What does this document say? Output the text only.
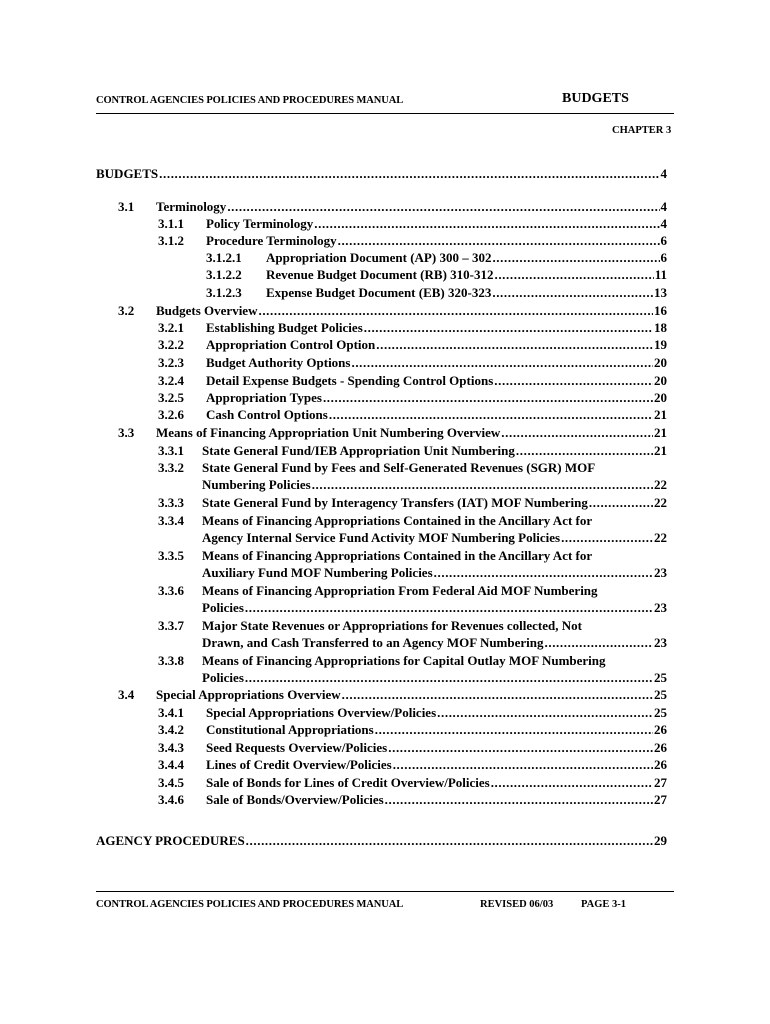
CONTROL AGENCIES POLICIES AND PROCEDURES MANUAL	BUDGETS
CHAPTER 3
BUDGETS .....	4
3.1	Terminology .....	4
3.1.1	Policy Terminology .....	4
3.1.2	Procedure Terminology .....	6
3.1.2.1	Appropriation Document (AP) 300 – 302 .....	6
3.1.2.2	Revenue Budget Document (RB) 310-312 .....	11
3.1.2.3	Expense Budget Document (EB) 320-323 .....	13
3.2	Budgets Overview .....	16
3.2.1	Establishing Budget Policies .....	18
3.2.2	Appropriation Control Option .....	19
3.2.3	Budget Authority Options .....	20
3.2.4	Detail Expense Budgets - Spending Control Options .....	20
3.2.5	Appropriation Types .....	20
3.2.6	Cash Control Options .....	21
3.3	Means of Financing Appropriation Unit Numbering Overview .....	21
3.3.1	State General Fund/IEB Appropriation Unit Numbering .....	21
3.3.2 State General Fund by Fees and Self-Generated Revenues (SGR) MOF
Numbering Policies .....	22
3.3.3	State General Fund by Interagency Transfers (IAT) MOF Numbering .....	22
3.3.4 Means of Financing Appropriations Contained in the Ancillary Act for
Agency Internal Service Fund Activity MOF Numbering Policies .....	22
3.3.5 Means of Financing Appropriations Contained in the Ancillary Act for
Auxiliary Fund MOF Numbering Policies .....	23
3.3.6 Means of Financing Appropriation From Federal Aid MOF Numbering
Policies .....	23
3.3.7 Major State Revenues or Appropriations for Revenues collected, Not
Drawn, and Cash Transferred to an Agency MOF Numbering .....	23
3.3.8 Means of Financing Appropriations for Capital Outlay MOF Numbering
Policies .....	25
3.4	Special Appropriations Overview .....	25
3.4.1	Special Appropriations Overview/Policies .....	25
3.4.2	Constitutional Appropriations .....	26
3.4.3	Seed Requests Overview/Policies .....	26
3.4.4	Lines of Credit Overview/Policies .....	26
3.4.5	Sale of Bonds for Lines of Credit Overview/Policies .....	27
3.4.6	Sale of Bonds/Overview/Policies .....	27
AGENCY PROCEDURES .....	29
CONTROL AGENCIES POLICIES AND PROCEDURES MANUAL	REVISED 06/03	PAGE 3-1
